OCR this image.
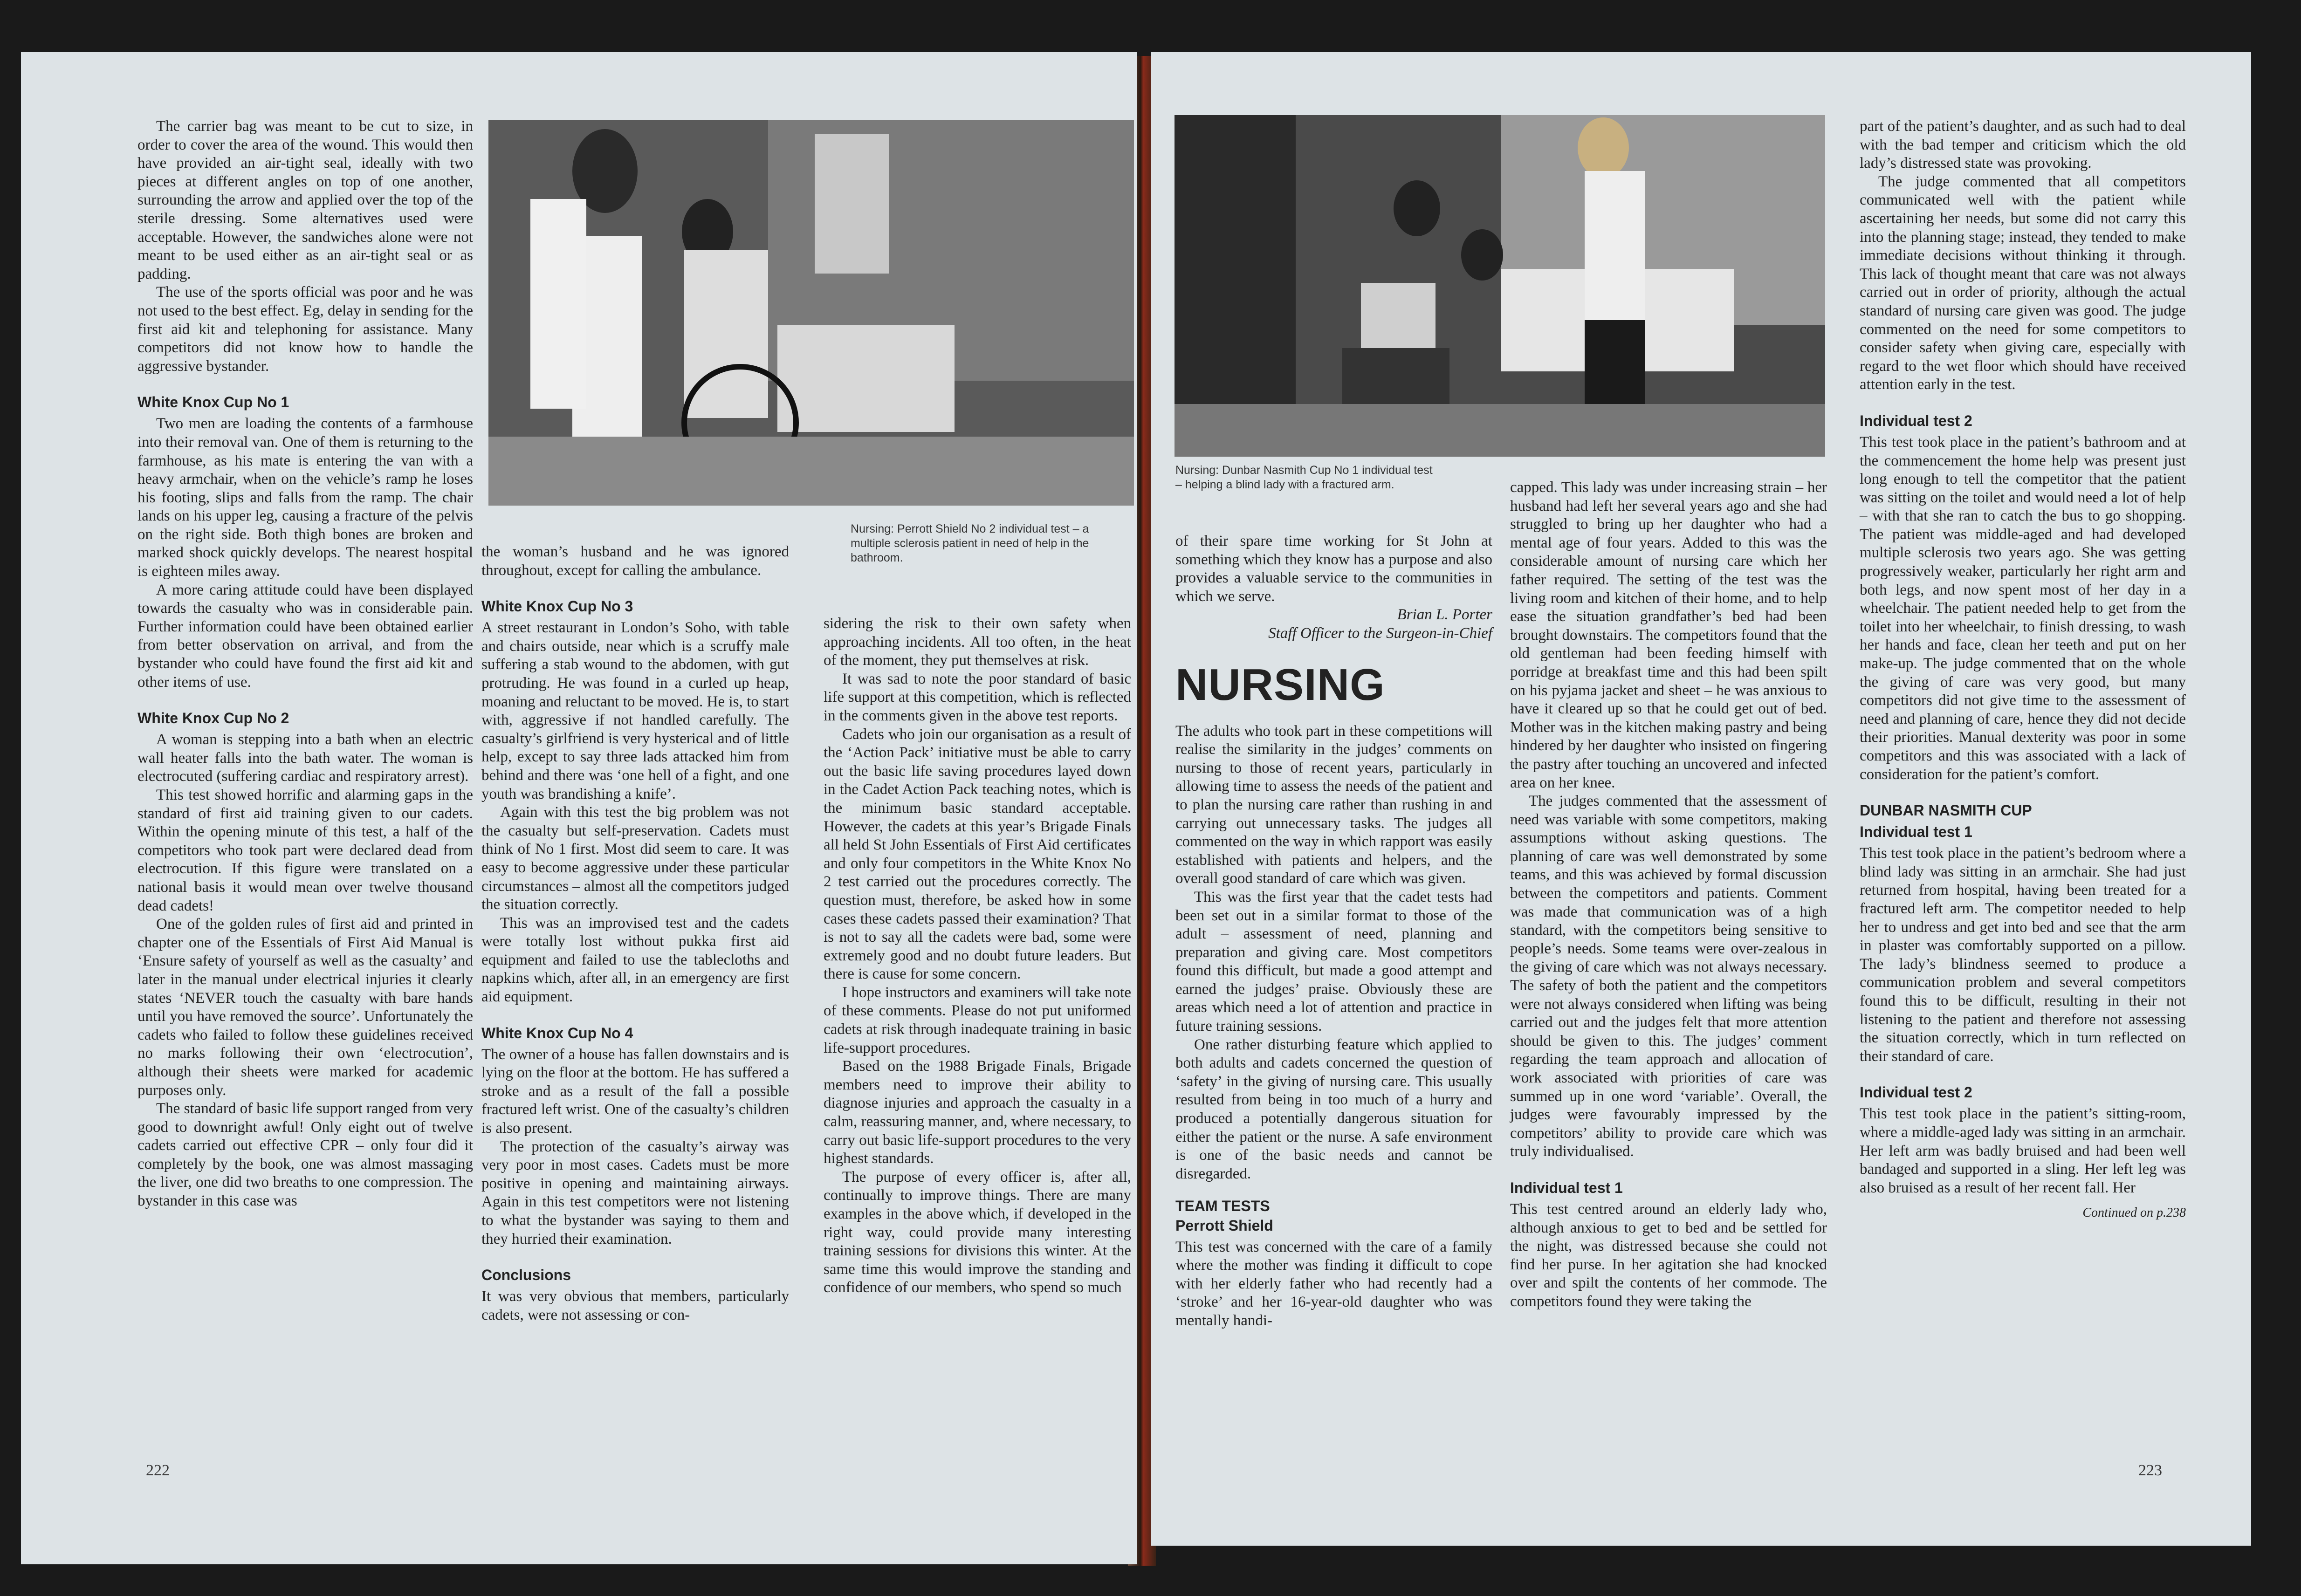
The carrier bag was meant to be cut to size, in order to cover the area of the wound. This would then have provided an air-tight seal, ideally with two pieces at different angles on top of one another, surrounding the arrow and applied over the top of the sterile dressing. Some alternatives used were acceptable. However, the sandwiches alone were not meant to be used either as an air-tight seal or as padding.

The use of the sports official was poor and he was not used to the best effect. Eg, delay in sending for the first aid kit and telephoning for assistance. Many competitors did not know how to handle the aggressive bystander.

White Knox Cup No 1

Two men are loading the contents of a farmhouse into their removal van. One of them is returning to the farmhouse, as his mate is entering the van with a heavy armchair, when on the vehicle’s ramp he loses his footing, slips and falls from the ramp. The chair lands on his upper leg, causing a fracture of the pelvis on the right side. Both thigh bones are broken and marked shock quickly develops. The nearest hospital is eighteen miles away.

A more caring attitude could have been displayed towards the casualty who was in considerable pain. Further information could have been obtained earlier from better observation on arrival, and from the bystander who could have found the first aid kit and other items of use.

White Knox Cup No 2

A woman is stepping into a bath when an electric wall heater falls into the bath water. The woman is electrocuted (suffering cardiac and respiratory arrest).

This test showed horrific and alarming gaps in the standard of first aid training given to our cadets. Within the opening minute of this test, a half of the competitors who took part were declared dead from electrocution. If this figure were translated on a national basis it would mean over twelve thousand dead cadets!

One of the golden rules of first aid and printed in chapter one of the Essentials of First Aid Manual is ‘Ensure safety of yourself as well as the casualty’ and later in the manual under electrical injuries it clearly states ‘NEVER touch the casualty with bare hands until you have removed the source’. Unfortunately the cadets who failed to follow these guidelines received no marks following their own ‘electrocution’, although their sheets were marked for academic purposes only.

The standard of basic life support ranged from very good to downright awful! Only eight out of twelve cadets carried out effective CPR – only four did it completely by the book, one was almost massaging the liver, one did two breaths to one compression. The bystander in this case was

Nursing: Perrott Shield No 2 individual test – a multiple sclerosis patient in need of help in the bathroom.

the woman’s husband and he was ignored throughout, except for calling the ambulance.

White Knox Cup No 3

A street restaurant in London’s Soho, with table and chairs outside, near which is a scruffy male suffering a stab wound to the abdomen, with gut protruding. He was found in a curled up heap, moaning and reluctant to be moved. He is, to start with, aggressive if not handled carefully. The casualty’s girlfriend is very hysterical and of little help, except to say three lads attacked him from behind and there was ‘one hell of a fight, and one youth was brandishing a knife’.

Again with this test the big problem was not the casualty but self-preservation. Cadets must think of No 1 first. Most did seem to care. It was easy to become aggressive under these particular circumstances – almost all the competitors judged the situation correctly.

This was an improvised test and the cadets were totally lost without pukka first aid equipment and failed to use the tablecloths and napkins which, after all, in an emergency are first aid equipment.

White Knox Cup No 4

The owner of a house has fallen downstairs and is lying on the floor at the bottom. He has suffered a stroke and as a result of the fall a possible fractured left wrist. One of the casualty’s children is also present.

The protection of the casualty’s airway was very poor in most cases. Cadets must be more positive in opening and maintaining airways. Again in this test competitors were not listening to what the bystander was saying to them and they hurried their examination.

Conclusions

It was very obvious that members, particularly cadets, were not assessing or con-

sidering the risk to their own safety when approaching incidents. All too often, in the heat of the moment, they put themselves at risk.

It was sad to note the poor standard of basic life support at this competition, which is reflected in the comments given in the above test reports.

Cadets who join our organisation as a result of the ‘Action Pack’ initiative must be able to carry out the basic life saving procedures layed down in the Cadet Action Pack teaching notes, which is the minimum basic standard acceptable. However, the cadets at this year’s Brigade Finals all held St John Essentials of First Aid certificates and only four competitors in the White Knox No 2 test carried out the procedures correctly. The question must, therefore, be asked how in some cases these cadets passed their examination? That is not to say all the cadets were bad, some were extremely good and no doubt future leaders. But there is cause for some concern.

I hope instructors and examiners will take note of these comments. Please do not put uniformed cadets at risk through inadequate training in basic life-support procedures.

Based on the 1988 Brigade Finals, Brigade members need to improve their ability to diagnose injuries and approach the casualty in a calm, reassuring manner, and, where necessary, to carry out basic life-support procedures to the very highest standards.

The purpose of every officer is, after all, continually to improve things. There are many examples in the above which, if developed in the right way, could provide many interesting training sessions for divisions this winter. At the same time this would improve the standing and confidence of our members, who spend so much

222
Nursing: Dunbar Nasmith Cup No 1 individual test – helping a blind lady with a fractured arm.
of their spare time working for St John at something which they know has a purpose and also provides a valuable service to the communities in which we serve.
Brian L. Porter
Staff Officer to the Surgeon-in-Chief
NURSING

The adults who took part in these competitions will realise the similarity in the judges’ comments on nursing to those of recent years, particularly in allowing time to assess the needs of the patient and to plan the nursing care rather than rushing in and carrying out unnecessary tasks. The judges all commented on the way in which rapport was easily established with patients and helpers, and the overall good standard of care which was given.

This was the first year that the cadet tests had been set out in a similar format to those of the adult – assessment of need, planning and preparation and giving care. Most competitors found this difficult, but made a good attempt and earned the judges’ praise. Obviously these are areas which need a lot of attention and practice in future training sessions.

One rather disturbing feature which applied to both adults and cadets concerned the question of ‘safety’ in the giving of nursing care. This usually resulted from being in too much of a hurry and produced a potentially dangerous situation for either the patient or the nurse. A safe environment is one of the basic needs and cannot be disregarded.

TEAM TESTS
Perrott Shield
This test was concerned with the care of a family where the mother was finding it difficult to cope with her elderly father who had recently had a ‘stroke’ and her 16-year-old daughter who was mentally handi-

capped. This lady was under increasing strain – her husband had left her several years ago and she had struggled to bring up her daughter who had a mental age of four years. Added to this was the considerable amount of nursing care which her father required. The setting of the test was the living room and kitchen of their home, and to help ease the situation grandfather’s bed had been brought downstairs. The competitors found that the old gentleman had been feeding himself with porridge at breakfast time and this had been spilt on his pyjama jacket and sheet – he was anxious to have it cleared up so that he could get out of bed. Mother was in the kitchen making pastry and being hindered by her daughter who insisted on fingering the pastry after touching an uncovered and infected area on her knee.

The judges commented that the assessment of need was variable with some competitors, making assumptions without asking questions. The planning of care was well demonstrated by some teams, and this was achieved by formal discussion between the competitors and patients. Comment was made that communication was of a high standard, with the competitors being sensitive to people’s needs. Some teams were over-zealous in the giving of care which was not always necessary. The safety of both the patient and the competitors were not always considered when lifting was being carried out and the judges felt that more attention should be given to this. The judges’ comment regarding the team approach and allocation of work associated with priorities of care was summed up in one word ‘variable’. Overall, the judges were favourably impressed by the competitors’ ability to provide care which was truly individualised.

Individual test 1

This test centred around an elderly lady who, although anxious to get to bed and be settled for the night, was distressed because she could not find her purse. In her agitation she had knocked over and spilt the contents of her commode. The competitors found they were taking the

part of the patient’s daughter, and as such had to deal with the bad temper and criticism which the old lady’s distressed state was provoking.

The judge commented that all competitors communicated well with the patient while ascertaining her needs, but some did not carry this into the planning stage; instead, they tended to make immediate decisions without thinking it through. This lack of thought meant that care was not always carried out in order of priority, although the actual standard of nursing care given was good. The judge commented on the need for some competitors to consider safety when giving care, especially with regard to the wet floor which should have received attention early in the test.

Individual test 2

This test took place in the patient’s bathroom and at the commencement the home help was present just long enough to tell the competitor that the patient was sitting on the toilet and would need a lot of help – with that she ran to catch the bus to go shopping. The patient was middle-aged and had developed multiple sclerosis two years ago. She was getting progressively weaker, particularly her right arm and both legs, and now spent most of her day in a wheelchair. The patient needed help to get from the toilet into her wheelchair, to finish dressing, to wash her hands and face, clean her teeth and put on her make-up. The judge commented that on the whole the giving of care was very good, but many competitors did not give time to the assessment of need and planning of care, hence they did not decide their priorities. Manual dexterity was poor in some competitors and this was associated with a lack of consideration for the patient’s comfort.

DUNBAR NASMITH CUP
Individual test 1

This test took place in the patient’s bedroom where a blind lady was sitting in an armchair. She had just returned from hospital, having been treated for a fractured left arm. The competitor needed to help her to undress and get into bed and see that the arm in plaster was comfortably supported on a pillow. The lady’s blindness seemed to produce a communication problem and several competitors found this to be difficult, resulting in their not listening to the patient and therefore not assessing the situation correctly, which in turn reflected on their standard of care.

Individual test 2

This test took place in the patient’s sitting-room, where a middle-aged lady was sitting in an armchair. Her left arm was badly bruised and had been well bandaged and supported in a sling. Her left leg was also bruised as a result of her recent fall. Her

Continued on p.238
223
